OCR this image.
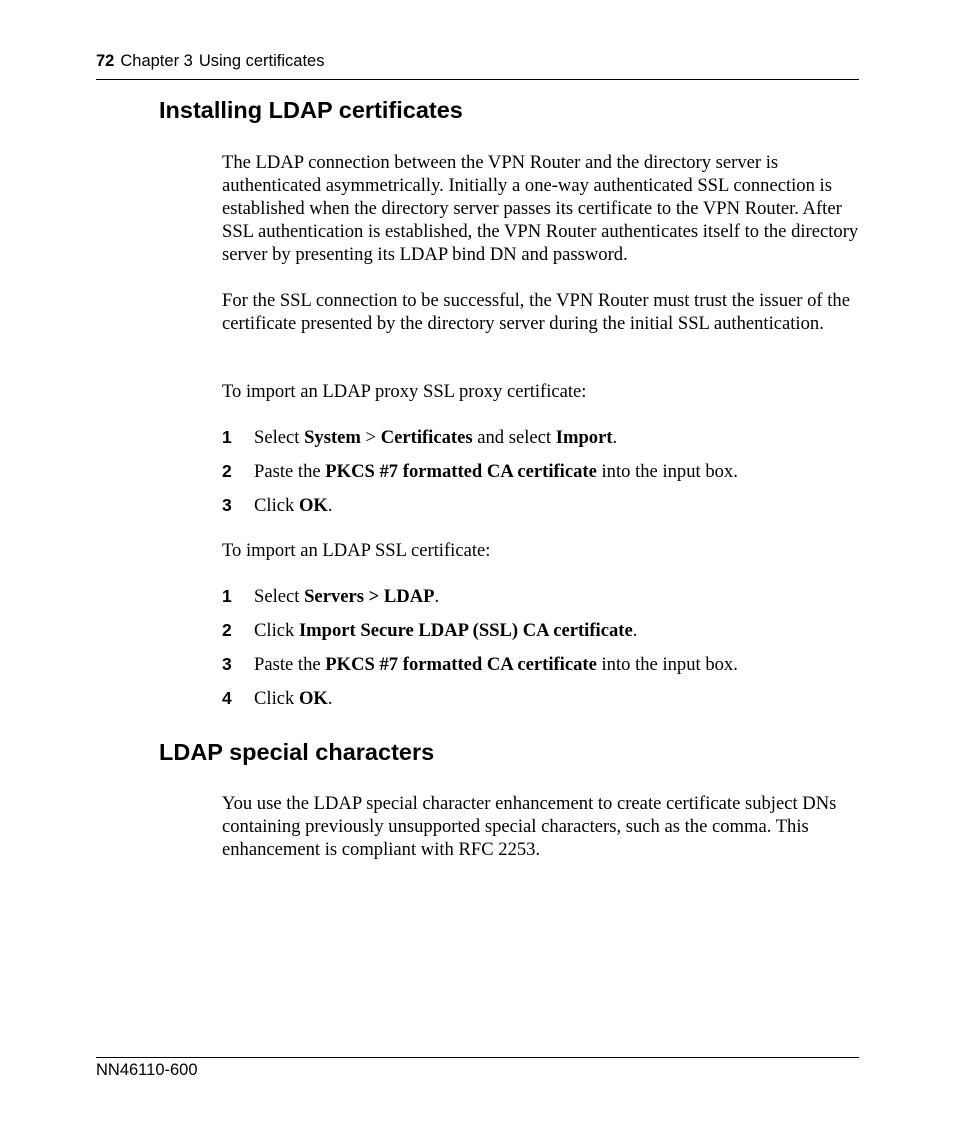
72 Chapter 3 Using certificates
Installing LDAP certificates

The LDAP connection between the VPN Router and the directory server is authenticated asymmetrically. Initially a one-way authenticated SSL connection is established when the directory server passes its certificate to the VPN Router. After SSL authentication is established, the VPN Router authenticates itself to the directory server by presenting its LDAP bind DN and password.

For the SSL connection to be successful, the VPN Router must trust the issuer of the certificate presented by the directory server during the initial SSL authentication.

To import an LDAP proxy SSL proxy certificate:

1 Select System > Certificates and select Import.
2 Paste the PKCS #7 formatted CA certificate into the input box.
3 Click OK.

To import an LDAP SSL certificate:

1 Select Servers > LDAP.
2 Click Import Secure LDAP (SSL) CA certificate.
3 Paste the PKCS #7 formatted CA certificate into the input box.
4 Click OK.
LDAP special characters

You use the LDAP special character enhancement to create certificate subject DNs containing previously unsupported special characters, such as the comma. This enhancement is compliant with RFC 2253.

NN46110-600
